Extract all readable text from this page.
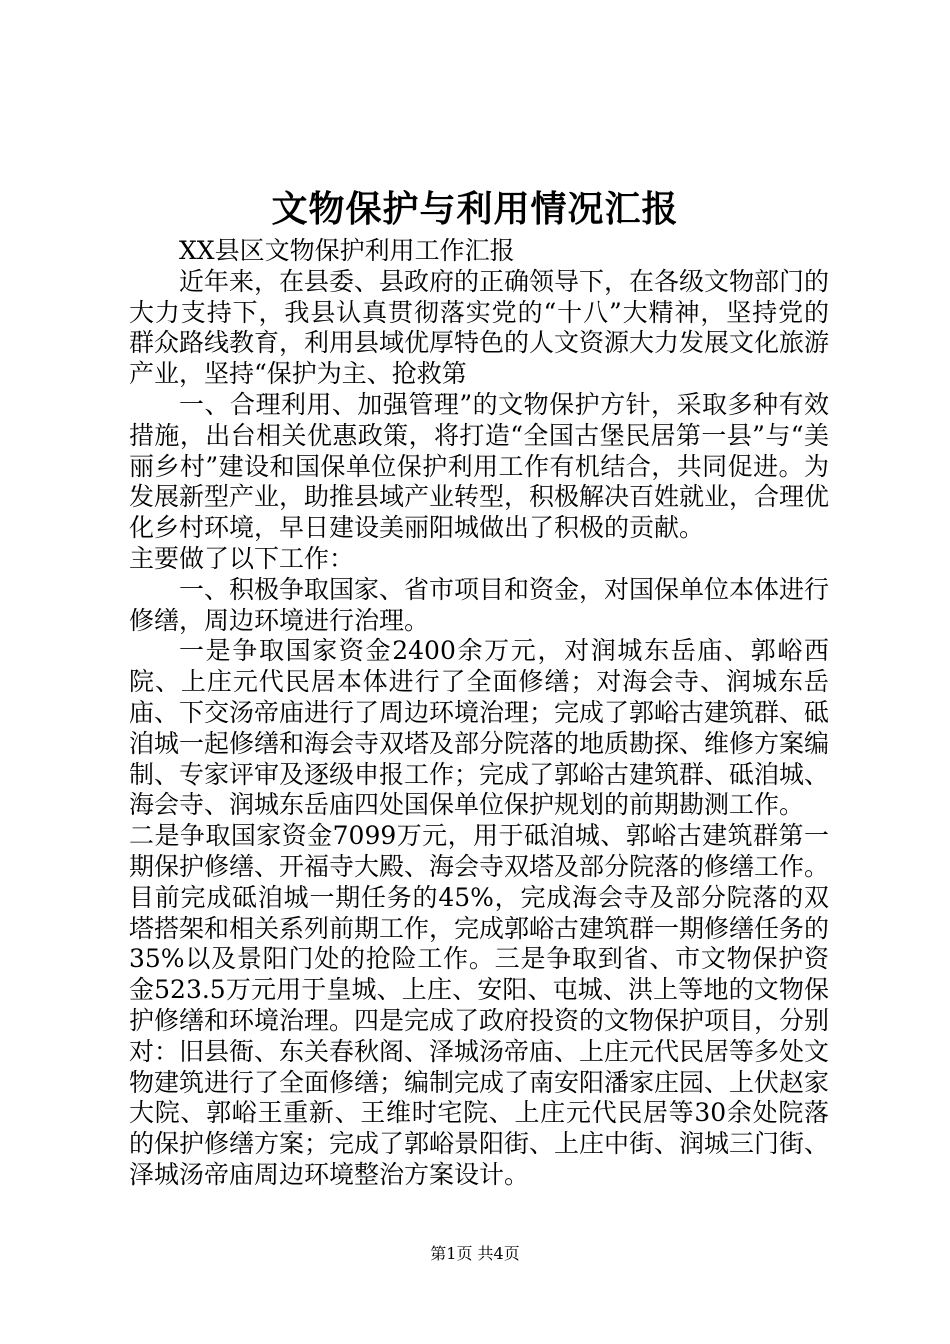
文物保护与利用情况汇报

XX县区文物保护利用工作汇报

近年来，在县委、县政府的正确领导下，在各级文物部门的大力支持下，我县认真贯彻落实党的“十八”大精神，坚持党的群众路线教育，利用县域优厚特色的人文资源大力发展文化旅游产业，坚持“保护为主、抢救第

一、合理利用、加强管理”的文物保护方针，采取多种有效措施，出台相关优惠政策，将打造“全国古堡民居第一县”与“美丽乡村”建设和国保单位保护利用工作有机结合，共同促进。为发展新型产业，助推县域产业转型，积极解决百姓就业，合理优化乡村环境，早日建设美丽阳城做出了积极的贡献。

主要做了以下工作：

一、积极争取国家、省市项目和资金，对国保单位本体进行修缮，周边环境进行治理。

一是争取国家资金2400余万元，对润城东岳庙、郭峪西院、上庄元代民居本体进行了全面修缮；对海会寺、润城东岳庙、下交汤帝庙进行了周边环境治理；完成了郭峪古建筑群、砥洎城一起修缮和海会寺双塔及部分院落的地质勘探、维修方案编制、专家评审及逐级申报工作；完成了郭峪古建筑群、砥洎城、海会寺、润城东岳庙四处国保单位保护规划的前期勘测工作。

二是争取国家资金7099万元，用于砥洎城、郭峪古建筑群第一期保护修缮、开福寺大殿、海会寺双塔及部分院落的修缮工作。目前完成砥洎城一期任务的45%，完成海会寺及部分院落的双塔搭架和相关系列前期工作，完成郭峪古建筑群一期修缮任务的35%以及景阳门处的抢险工作。三是争取到省、市文物保护资金523.5万元用于皇城、上庄、安阳、屯城、洪上等地的文物保护修缮和环境治理。四是完成了政府投资的文物保护项目，分别对：旧县衙、东关春秋阁、泽城汤帝庙、上庄元代民居等多处文物建筑进行了全面修缮；编制完成了南安阳潘家庄园、上伏赵家大院、郭峪王重新、王维时宅院、上庄元代民居等30余处院落的保护修缮方案；完成了郭峪景阳街、上庄中街、润城三门街、泽城汤帝庙周边环境整治方案设计。

第1页 共4页
